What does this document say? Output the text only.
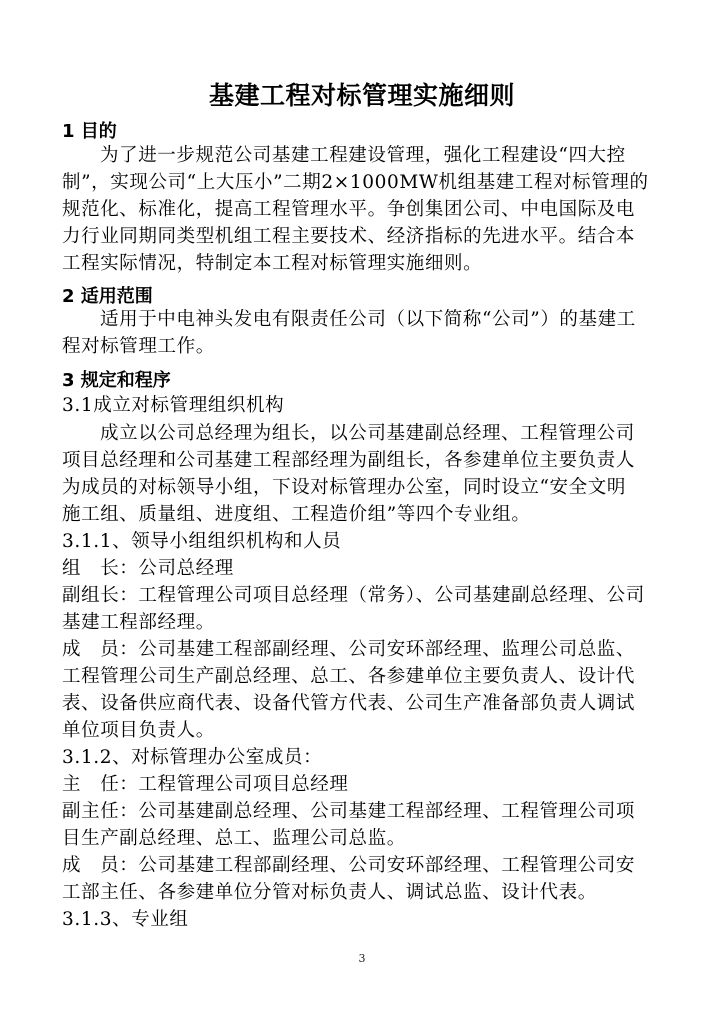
基建工程对标管理实施细则
1 目的
为了进一步规范公司基建工程建设管理，强化工程建设“四大控
制”，实现公司“上大压小”二期2×1000MW机组基建工程对标管理的
规范化、标准化，提高工程管理水平。争创集团公司、中电国际及电
力行业同期同类型机组工程主要技术、经济指标的先进水平。结合本
工程实际情况，特制定本工程对标管理实施细则。
2 适用范围
适用于中电神头发电有限责任公司（以下简称“公司”）的基建工
程对标管理工作。
3 规定和程序
3.1成立对标管理组织机构
成立以公司总经理为组长，以公司基建副总经理、工程管理公司
项目总经理和公司基建工程部经理为副组长，各参建单位主要负责人
为成员的对标领导小组，下设对标管理办公室，同时设立“安全文明
施工组、质量组、进度组、工程造价组”等四个专业组。
3.1.1、领导小组组织机构和人员
组　长：公司总经理
副组长：工程管理公司项目总经理（常务）、公司基建副总经理、公司
基建工程部经理。
成　员：公司基建工程部副经理、公司安环部经理、监理公司总监、
工程管理公司生产副总经理、总工、各参建单位主要负责人、设计代
表、设备供应商代表、设备代管方代表、公司生产准备部负责人调试
单位项目负责人。
3.1.2、对标管理办公室成员：
主　任：工程管理公司项目总经理
副主任：公司基建副总经理、公司基建工程部经理、工程管理公司项
目生产副总经理、总工、监理公司总监。
成　员：公司基建工程部副经理、公司安环部经理、工程管理公司安
工部主任、各参建单位分管对标负责人、调试总监、设计代表。
3.1.3、专业组
3
